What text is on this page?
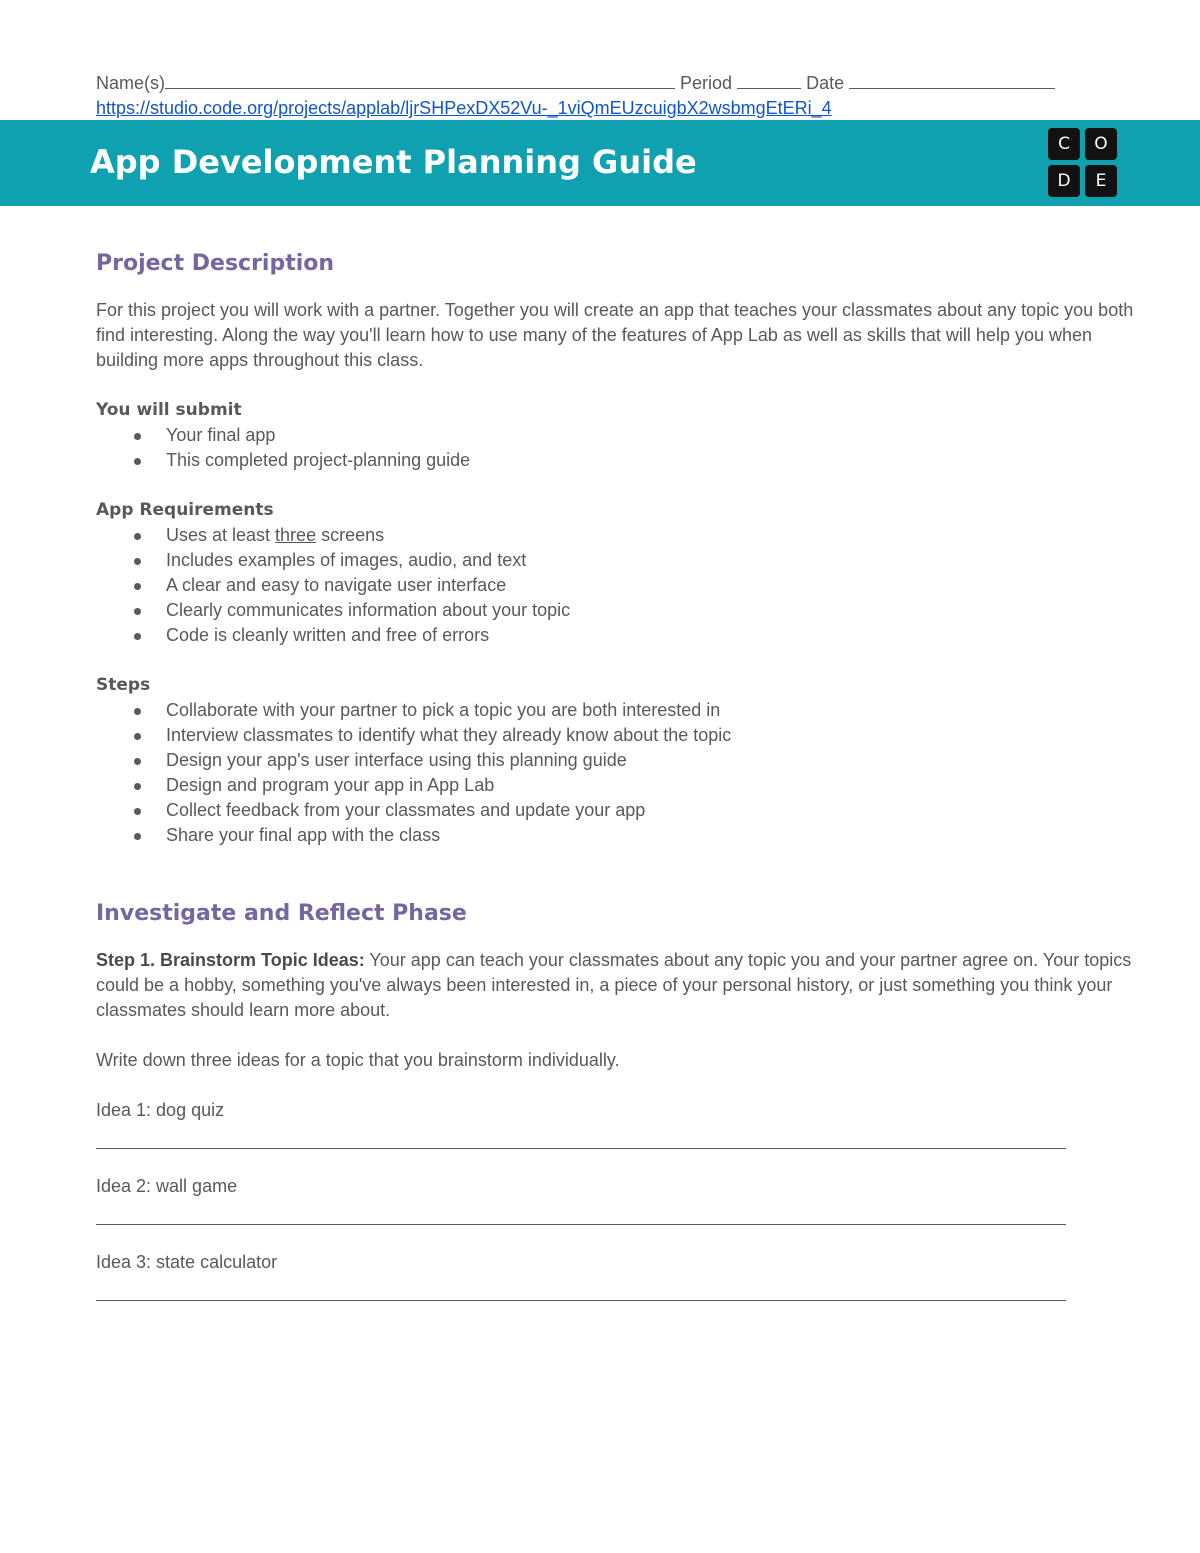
Name(s)	Period	Date
https://studio.code.org/projects/applab/ljrSHPexDX52Vu-_1viQmEUzcuigbX2wsbmgEtERi_4
App Development Planning Guide	C	O
D	E
Project Description

For this project you will work with a partner. Together you will create an app that teaches your classmates about any topic you both find interesting. Along the way you'll learn how to use many of the features of App Lab as well as skills that will help you when building more apps throughout this class.

You will submit
Your final app
This completed project-planning guide
App Requirements
Uses at least three screens
Includes examples of images, audio, and text
A clear and easy to navigate user interface
Clearly communicates information about your topic
Code is cleanly written and free of errors
Steps
Collaborate with your partner to pick a topic you are both interested in
Interview classmates to identify what they already know about the topic
Design your app's user interface using this planning guide
Design and program your app in App Lab
Collect feedback from your classmates and update your app
Share your final app with the class
Investigate and Reflect Phase

Step 1. Brainstorm Topic Ideas: Your app can teach your classmates about any topic you and your partner agree on. Your topics could be a hobby, something you've always been interested in, a piece of your personal history, or just something you think your classmates should learn more about.

Write down three ideas for a topic that you brainstorm individually.

Idea 1: dog quiz
Idea 2: wall game
Idea 3: state calculator
